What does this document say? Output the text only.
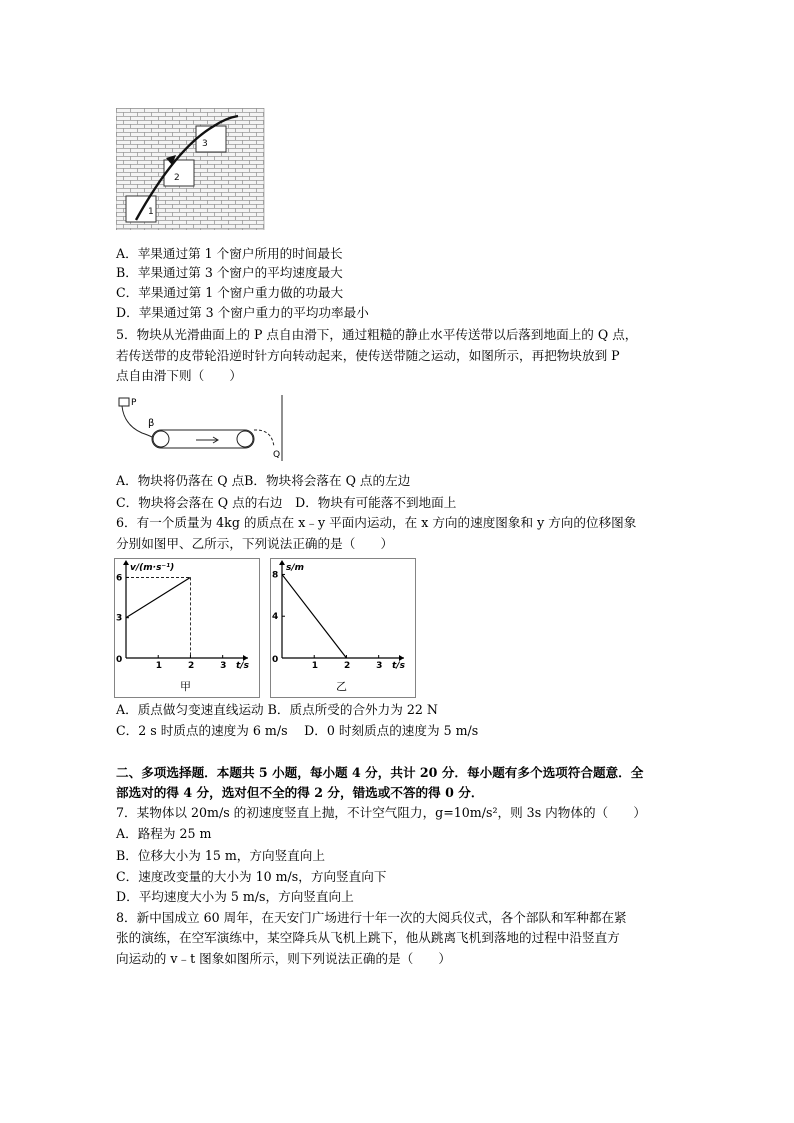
1
2
3
A．苹果通过第 1 个窗户所用的时间最长
B．苹果通过第 3 个窗户的平均速度最大
C．苹果通过第 1 个窗户重力做的功最大
D．苹果通过第 3 个窗户重力的平均功率最小
5．物块从光滑曲面上的 P 点自由滑下，通过粗糙的静止水平传送带以后落到地面上的 Q 点，
若传送带的皮带轮沿逆时针方向转动起来，使传送带随之运动，如图所示，再把物块放到 P
点自由滑下则（　　）
P
β
Q
A．物块将仍落在 Q 点B．物块将会落在 Q 点的左边
C．物块将会落在 Q 点的右边　D．物块有可能落不到地面上
6．有一个质量为 4kg 的质点在 x﹣y 平面内运动，在 x 方向的速度图象和 y 方向的位移图象
分别如图甲、乙所示，下列说法正确的是（　　）
v/(m·s⁻¹)
t/s
0
1	2	3
3
6
甲
s/m
t/s
0
1	2	3
4
8
乙
A．质点做匀变速直线运动 B．质点所受的合外力为 22 N
C．2 s 时质点的速度为 6 m/s　 D．0 时刻质点的速度为 5 m/s
二、多项选择题．本题共 5 小题，每小题 4 分，共计 20 分．每小题有多个选项符合题意．全
部选对的得 4 分，选对但不全的得 2 分，错选或不答的得 0 分．
7．某物体以 20m/s 的初速度竖直上抛，不计空气阻力，g=10m/s²，则 3s 内物体的（　　）
A．路程为 25 m
B．位移大小为 15 m，方向竖直向上
C．速度改变量的大小为 10 m/s，方向竖直向下
D．平均速度大小为 5 m/s，方向竖直向上
8．新中国成立 60 周年，在天安门广场进行十年一次的大阅兵仪式，各个部队和军种都在紧
张的演练，在空军演练中，某空降兵从飞机上跳下，他从跳离飞机到落地的过程中沿竖直方
向运动的 v﹣t 图象如图所示，则下列说法正确的是（　　）
